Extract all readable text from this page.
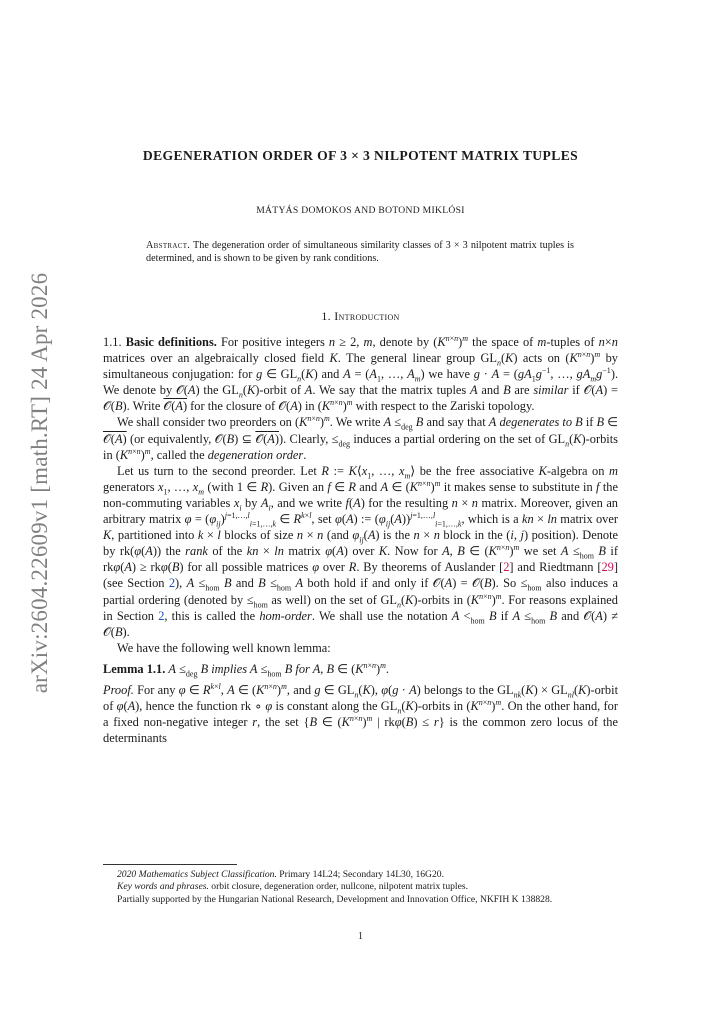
arXiv:2604.22609v1 [math.RT] 24 Apr 2026
DEGENERATION ORDER OF 3 × 3 NILPOTENT MATRIX TUPLES
MÁTYÁS DOMOKOS AND BOTOND MIKLÓSI
Abstract. The degeneration order of simultaneous similarity classes of 3 × 3 nilpotent matrix tuples is determined, and is shown to be given by rank conditions.
1. Introduction

1.1. Basic definitions. For positive integers n ≥ 2, m, denote by $(K^{n\times n})^m$ the space of m-tuples of n×n matrices over an algebraically closed field K. The general linear group $GL_n(K)$ acts on $(K^{n\times n})^m$ by simultaneous conjugation: for g ∈ $GL_n(K)$ and $A = (A_1$, …, $A_m$) we have $g \cdot A = (gA_1g^{-1}$, …, $gA_mg^{-1}$). We denote by 𝒪(A) the $GL_n(K)$-orbit of A. We say that the matrix tuples A and B are similar if 𝒪(A) = 𝒪(B). Write 𝒪(A) for the closure of 𝒪(A) in $(K^{n\times n})^m$ with respect to the Zariski topology.

We shall consider two preorders on $(K^{n\times n})^m$. We write $A \le_{deg}$ B and say that A degenerates to B if B ∈ 𝒪(A) (or equivalently, 𝒪(B) ⊆ 𝒪(A)). Clearly, $\le_{deg}$ induces a partial ordering on the set of $GL_n(K)$-orbits in $(K^{n\times n})^m$, called the degeneration order.

Let us turn to the second preorder. Let R := $K⟨x_1$, …, $x_m⟩$ be the free associative K-algebra on m generators $x_1$, …, $x_m$ (with 1 ∈ R). Given an f ∈ R and A ∈ $(K^{n\times n})^m$ it makes sense to substitute in f the non-commuting variables $x_i$ by $A_i$, and we write f(A) for the resulting n × n matrix. Moreover, given an arbitrary matrix $\varphi = (\varphi_{ij})^{j=1,\dots,l}_{i=1,\dots,k}$ ∈ $R^{k\times l}$, set φ(A) := $(\varphi_{ij}(A))^{j=1,\dots,l}_{i=1,\dots,k}$, which is a kn × ln matrix over K, partitioned into k × l blocks of size n × n (and $\varphi_{ij}(A)$ is the n × n block in the (i, j) position). Denote by rk(φ(A)) the rank of the kn × ln matrix φ(A) over K. Now for A, B ∈ $(K^{n\times n})^m$ we set $A \le_{hom}$ B if rkφ(A) ≥ rkφ(B) for all possible matrices φ over R. By theorems of Auslander [2] and Riedtmann [29] (see Section 2), $A \le_{hom}$ B and $B \le_{hom}$ A both hold if and only if 𝒪(A) = 𝒪(B). $So \le_{hom}$ also induces a partial ordering (denoted by $\le_{hom}$ as well) on the set of $GL_n(K)$-orbits in $(K^{n\times n})^m$. For reasons explained in Section 2, this is called the hom-order. We shall use the notation $A <_{hom}$ B if $A \le_{hom}$ B and 𝒪(A) ≠ 𝒪(B).

We have the following well known lemma:

Lemma 1.1. $A \le_{deg}$ B implies $A \le_{hom}$ B for A, B ∈ $(K^{n\times n})^m$.

Proof. For any φ ∈ $R^{k\times l}$, A ∈ $(K^{n\times n})^m$, and g ∈ $GL_n(K)$, φ(g · A) belongs to the $GL_{nk}(K)$ × $GL_{nl}(K)$-orbit of φ(A), hence the function rk ∘ φ is constant along the $GL_n(K)$-orbits in $(K^{n\times n})^m$. On the other hand, for a fixed non-negative integer r, the set {B ∈ $(K^{n\times n})^m$ | rkφ(B) ≤ r} is the common zero locus of the determinants

2020 Mathematics Subject Classification. Primary 14L24; Secondary 14L30, 16G20.

Key words and phrases. orbit closure, degeneration order, nullcone, nilpotent matrix tuples.

Partially supported by the Hungarian National Research, Development and Innovation Office, NKFIH K 138828.

1
